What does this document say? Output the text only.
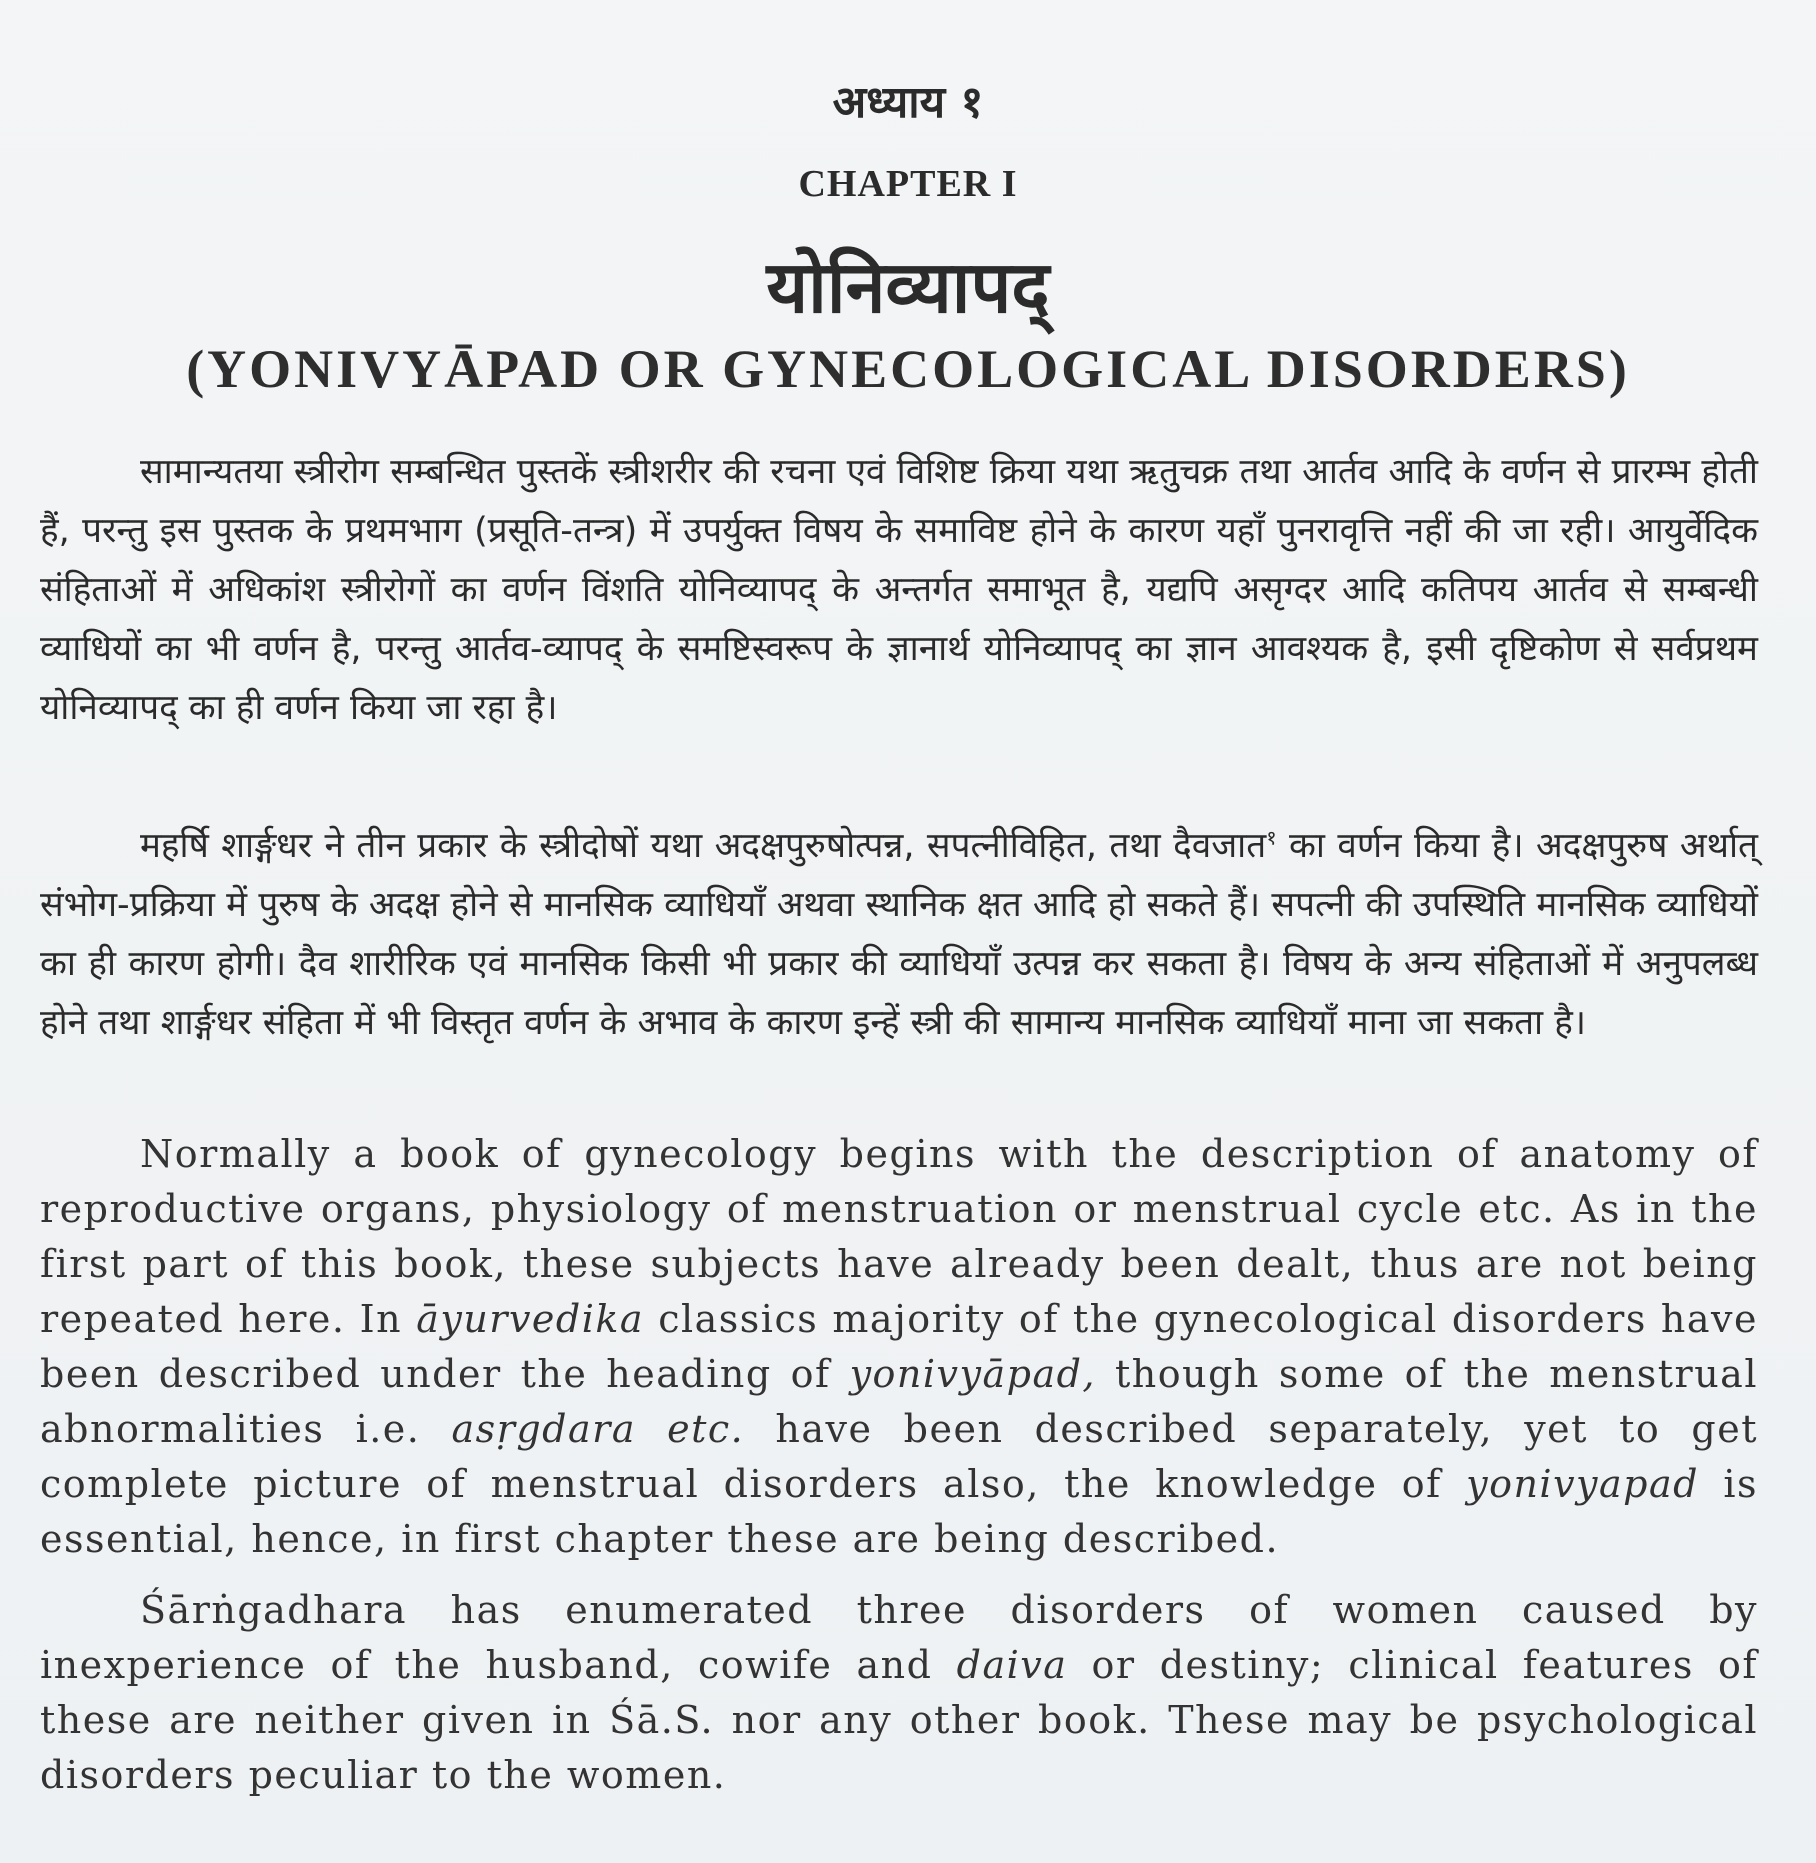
अध्याय १
CHAPTER I
योनिव्यापद्
(YONIVYĀPAD OR GYNECOLOGICAL DISORDERS)

सामान्यतया स्त्रीरोग सम्बन्धित पुस्तकें स्त्रीशरीर की रचना एवं विशिष्ट क्रिया यथा ऋतुचक्र तथा आर्तव आदि के वर्णन से प्रारम्भ होती हैं, परन्तु इस पुस्तक के प्रथमभाग (प्रसूति-तन्त्र) में उपर्युक्त विषय के समाविष्ट होने के कारण यहाँ पुनरावृत्ति नहीं की जा रही। आयुर्वेदिक संहिताओं में अधिकांश स्त्रीरोगों का वर्णन विंशति योनिव्यापद् के अन्तर्गत समाभूत है, यद्यपि असृग्दर आदि कतिपय आर्तव से सम्बन्धी व्याधियों का भी वर्णन है, परन्तु आर्तव-व्यापद् के समष्टिस्वरूप के ज्ञानार्थ योनिव्यापद् का ज्ञान आवश्यक है, इसी दृष्टिकोण से सर्वप्रथम योनिव्यापद् का ही वर्णन किया जा रहा है।

महर्षि शार्ङ्गधर ने तीन प्रकार के स्त्रीदोषों यथा अदक्षपुरुषोत्पन्न, सपत्नीविहित, तथा दैवजात$^१$ का वर्णन किया है। अदक्षपुरुष अर्थात् संभोग-प्रक्रिया में पुरुष के अदक्ष होने से मानसिक व्याधियाँ अथवा स्थानिक क्षत आदि हो सकते हैं। सपत्नी की उपस्थिति मानसिक व्याधियों का ही कारण होगी। दैव शारीरिक एवं मानसिक किसी भी प्रकार की व्याधियाँ उत्पन्न कर सकता है। विषय के अन्य संहिताओं में अनुपलब्ध होने तथा शार्ङ्गधर संहिता में भी विस्तृत वर्णन के अभाव के कारण इन्हें स्त्री की सामान्य मानसिक व्याधियाँ माना जा सकता है।

Normally a book of gynecology begins with the description of anatomy of reproductive organs, physiology of menstruation or menstrual cycle etc. As in the first part of this book, these subjects have already been dealt, thus are not being repeated here. In āyurvedika classics majority of the gynecological disorders have been described under the heading of yonivyāpad, though some of the menstrual abnormalities i.e. asṛgdara etc. have been described separately, yet to get complete picture of menstrual disorders also, the knowledge of yonivyapad is essential, hence, in first chapter these are being described.

Śārṅgadhara has enumerated three disorders of women caused by inexperience of the husband, cowife and daiva or destiny; clinical features of these are neither given in Śā.S. nor any other book. These may be psychological disorders peculiar to the women.
